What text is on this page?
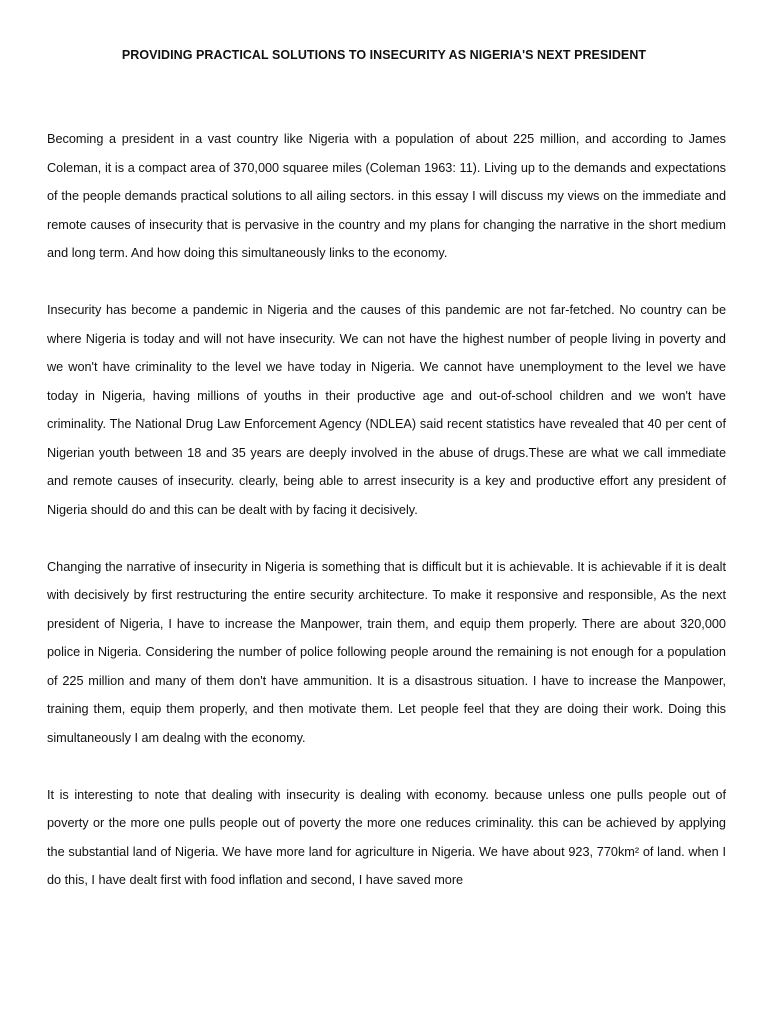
PROVIDING PRACTICAL SOLUTIONS TO INSECURITY AS NIGERIA'S NEXT PRESIDENT

Becoming a president in a vast country like Nigeria with a population of about 225 million, and according to James Coleman, it is a compact area of 370,000 squaree miles (Coleman 1963: 11). Living up to the demands and expectations of the people demands practical solutions to all ailing sectors. in this essay I will discuss my views on the immediate and remote causes of insecurity that is pervasive in the country and my plans for changing the narrative in the short medium and long term. And how doing this simultaneously links to the economy.

Insecurity has become a pandemic in Nigeria and the causes of this pandemic are not far-fetched. No country can be where Nigeria is today and will not have insecurity. We can not have the highest number of people living in poverty and we won't have criminality to the level we have today in Nigeria. We cannot have unemployment to the level we have today in Nigeria, having millions of youths in their productive age and out-of-school children and we won't have criminality. The National Drug Law Enforcement Agency (NDLEA) said recent statistics have revealed that 40 per cent of Nigerian youth between 18 and 35 years are deeply involved in the abuse of drugs.These are what we call immediate and remote causes of insecurity. clearly, being able to arrest insecurity is a key and productive effort any president of Nigeria should do and this can be dealt with by facing it decisively.

Changing the narrative of insecurity in Nigeria is something that is difficult but it is achievable. It is achievable if it is dealt with decisively by first restructuring the entire security architecture. To make it responsive and responsible, As the next president of Nigeria, I have to increase the Manpower, train them, and equip them properly. There are about 320,000 police in Nigeria. Considering the number of police following people around the remaining is not enough for a population of 225 million and many of them don't have ammunition. It is a disastrous situation. I have to increase the Manpower, training them, equip them properly, and then motivate them. Let people feel that they are doing their work. Doing this simultaneously I am dealng with the economy.

It is interesting to note that dealing with insecurity is dealing with economy. because unless one pulls people out of poverty or the more one pulls people out of poverty the more one reduces criminality. this can be achieved by applying the substantial land of Nigeria. We have more land for agriculture in Nigeria. We have about 923, 770km² of land. when I do this, I have dealt first with food inflation and second, I have saved more
